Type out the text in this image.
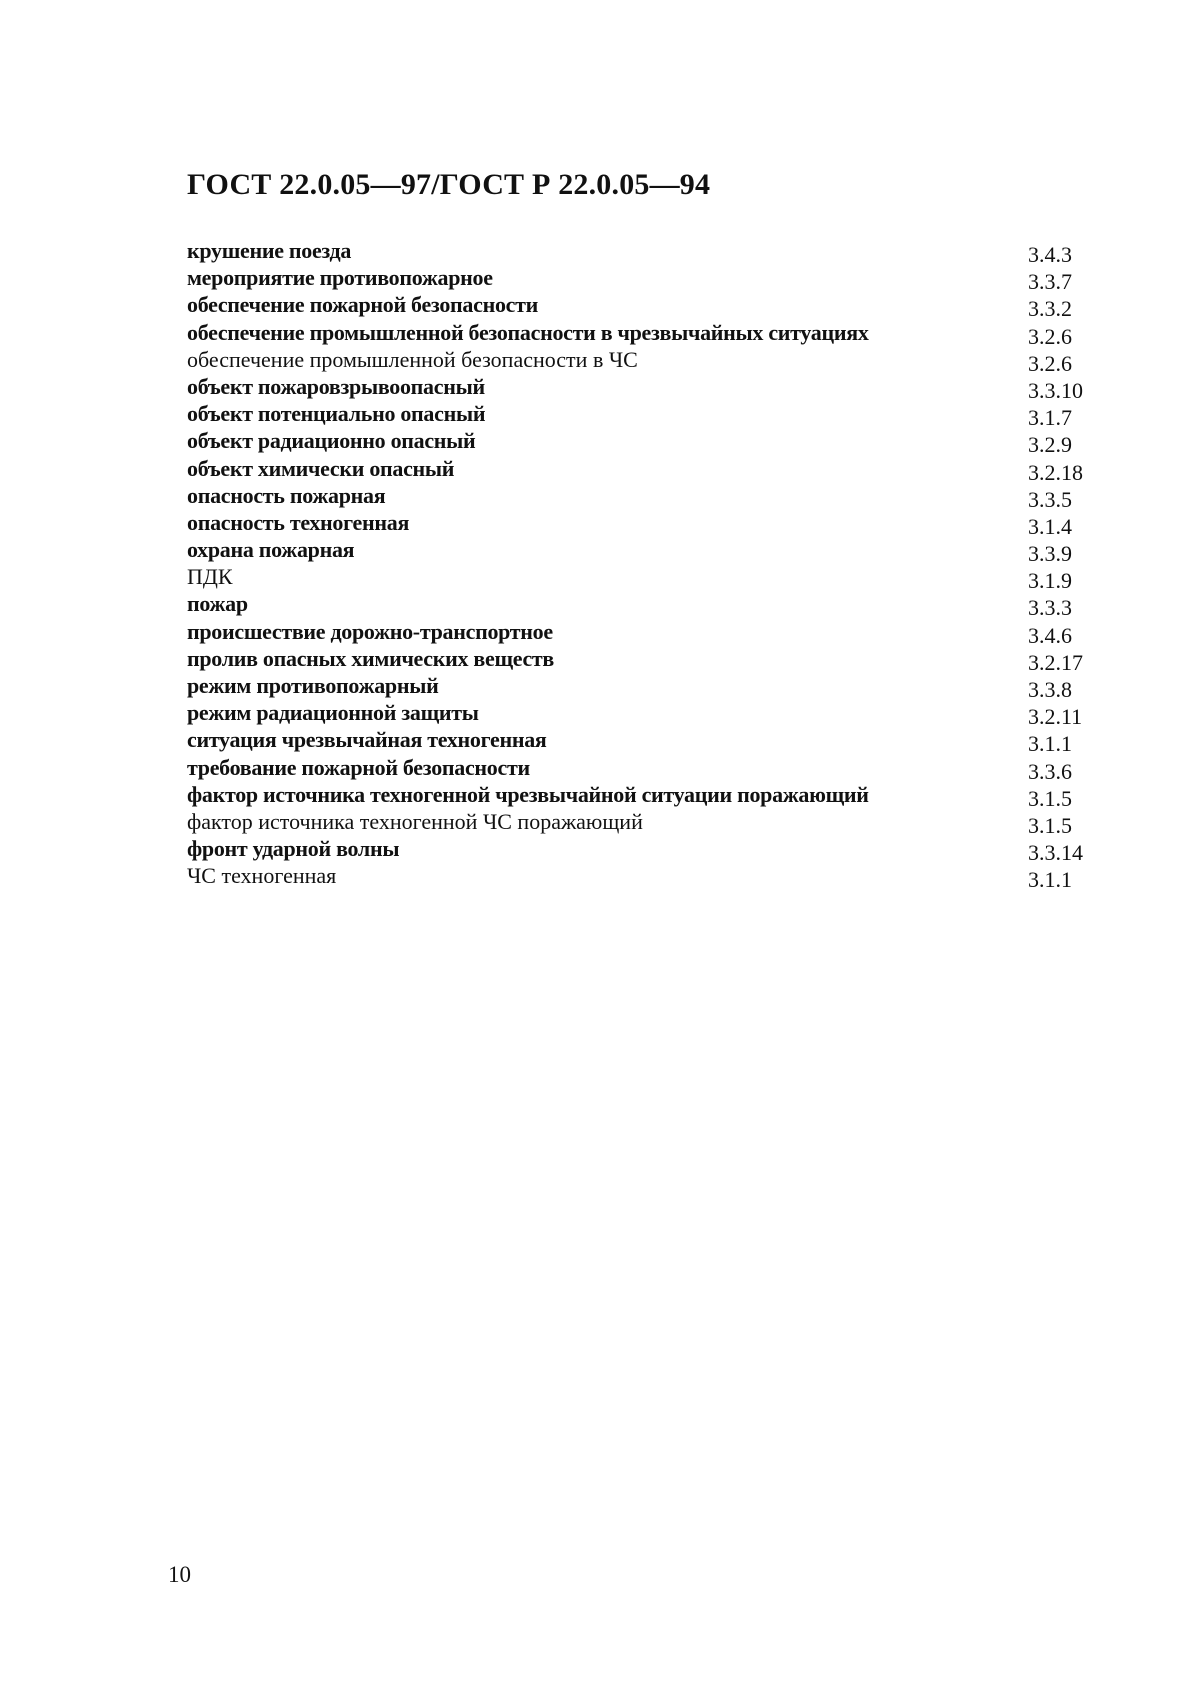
ГОСТ 22.0.05—97/ГОСТ Р 22.0.05—94
крушение поезда	3.4.3
мероприятие противопожарное	3.3.7
обеспечение пожарной безопасности	3.3.2
обеспечение промышленной безопасности в чрезвычайных ситуациях	3.2.6
обеспечение промышленной безопасности в ЧС	3.2.6
объект пожаровзрывоопасный	3.3.10
объект потенциально опасный	3.1.7
объект радиационно опасный	3.2.9
объект химически опасный	3.2.18
опасность пожарная	3.3.5
опасность техногенная	3.1.4
охрана пожарная	3.3.9
ПДК	3.1.9
пожар	3.3.3
происшествие дорожно-транспортное	3.4.6
пролив опасных химических веществ	3.2.17
режим противопожарный	3.3.8
режим радиационной защиты	3.2.11
ситуация чрезвычайная техногенная	3.1.1
требование пожарной безопасности	3.3.6
фактор источника техногенной чрезвычайной ситуации поражающий	3.1.5
фактор источника техногенной ЧС поражающий	3.1.5
фронт ударной волны	3.3.14
ЧС техногенная	3.1.1
10
